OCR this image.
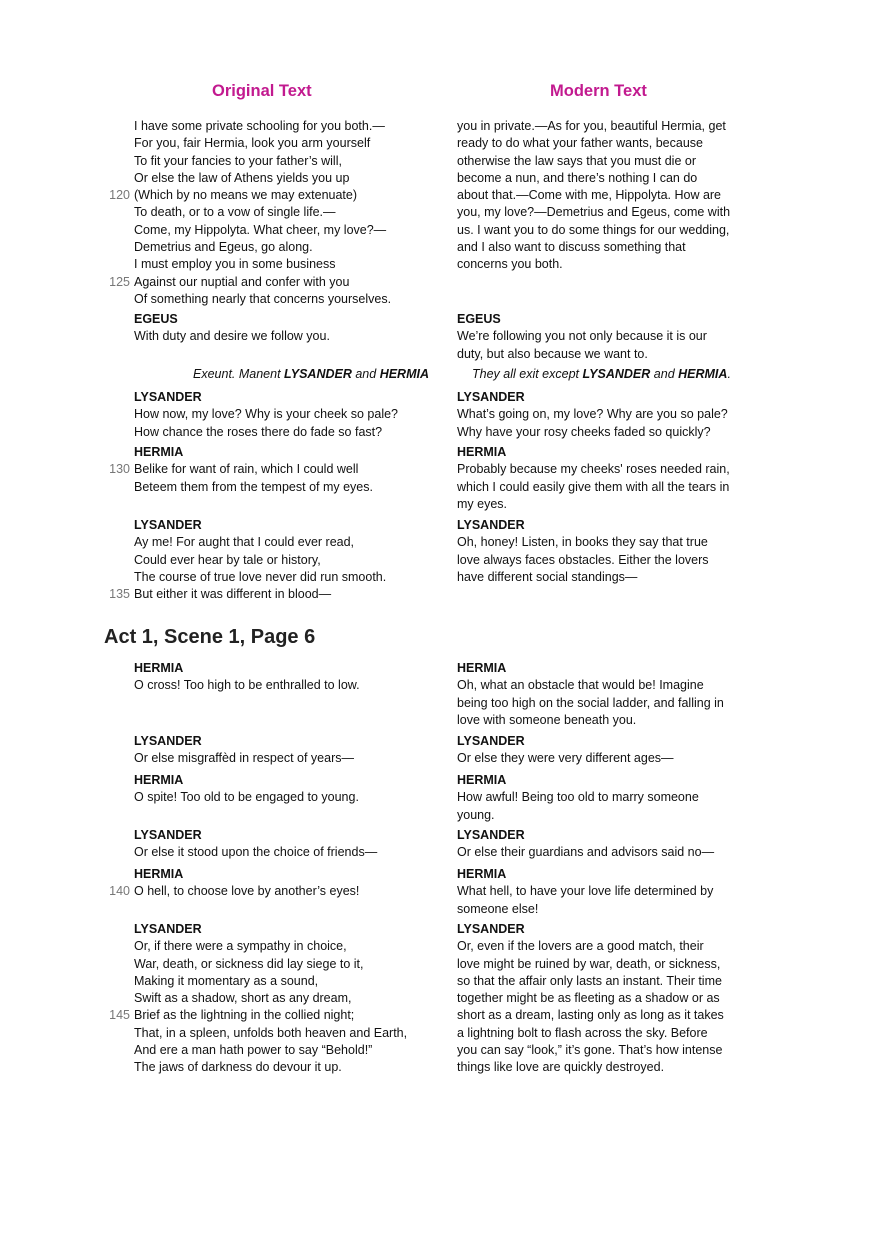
Original Text	Modern Text
I have some private schooling for you both.—
For you, fair Hermia, look you arm yourself
To fit your fancies to your father’s will,
Or else the law of Athens yields you up
120 (Which by no means we may extenuate)
To death, or to a vow of single life.—
Come, my Hippolyta. What cheer, my love?—
Demetrius and Egeus, go along.
I must employ you in some business
125 Against our nuptial and confer with you
Of something nearly that concerns yourselves.
EGEUS
With duty and desire we follow you.
Exeunt. Manent LYSANDER and HERMIA	They all exit except LYSANDER and HERMIA.
LYSANDER
How now, my love? Why is your cheek so pale?
How chance the roses there do fade so fast?
HERMIA
130 Belike for want of rain, which I could well
Beteem them from the tempest of my eyes.
LYSANDER
Ay me! For aught that I could ever read,
Could ever hear by tale or history,
The course of true love never did run smooth.
135 But either it was different in blood—
Act 1, Scene 1, Page 6
HERMIA
O cross! Too high to be enthralled to low.
LYSANDER
Or else misgraffèd in respect of years—
HERMIA
O spite! Too old to be engaged to young.
LYSANDER
Or else it stood upon the choice of friends—
HERMIA
140 O hell, to choose love by another’s eyes!
LYSANDER
Or, if there were a sympathy in choice,
War, death, or sickness did lay siege to it,
Making it momentary as a sound,
Swift as a shadow, short as any dream,
145 Brief as the lightning in the collied night;
That, in a spleen, unfolds both heaven and Earth,
And ere a man hath power to say “Behold!”
The jaws of darkness do devour it up.
you in private.—As for you, beautiful Hermia, get
ready to do what your father wants, because
otherwise the law says that you must die or
become a nun, and there’s nothing I can do
about that.—Come with me, Hippolyta. How are
you, my love?—Demetrius and Egeus, come with
us. I want you to do some things for our wedding,
and I also want to discuss something that
concerns you both.
EGEUS
We’re following you not only because it is our
duty, but also because we want to.
LYSANDER
What’s going on, my love? Why are you so pale?
Why have your rosy cheeks faded so quickly?
HERMIA
Probably because my cheeks' roses needed rain,
which I could easily give them with all the tears in
my eyes.
LYSANDER
Oh, honey! Listen, in books they say that true
love always faces obstacles. Either the lovers
have different social standings—
HERMIA
Oh, what an obstacle that would be! Imagine
being too high on the social ladder, and falling in
love with someone beneath you.
LYSANDER
Or else they were very different ages—
HERMIA
How awful! Being too old to marry someone
young.
LYSANDER
Or else their guardians and advisors said no—
HERMIA
What hell, to have your love life determined by
someone else!
LYSANDER
Or, even if the lovers are a good match, their
love might be ruined by war, death, or sickness,
so that the affair only lasts an instant. Their time
together might be as fleeting as a shadow or as
short as a dream, lasting only as long as it takes
a lightning bolt to flash across the sky. Before
you can say “look,” it’s gone. That’s how intense
things like love are quickly destroyed.
